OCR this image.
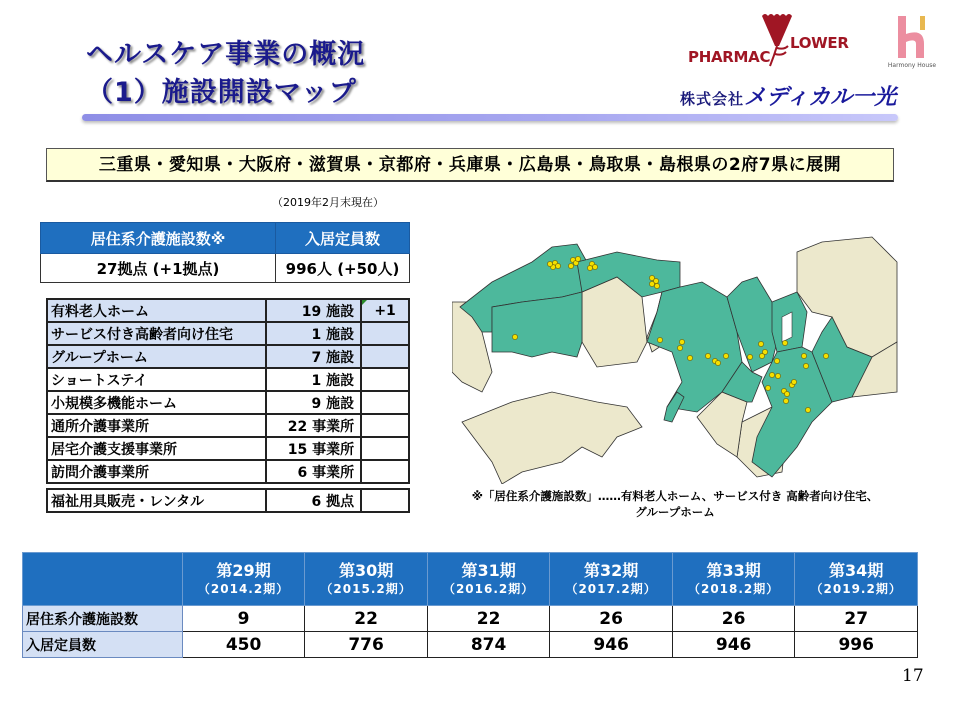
ヘルスケア事業の概況
（1）施設開設マップ
PHARMAC
LOWER
Harmony House
株式会社メディカル一光
三重県・愛知県・大阪府・滋賀県・京都府・兵庫県・広島県・鳥取県・島根県の2府7県に展開
（2019年2月末現在）
居住系介護施設数※	入居定員数
27拠点 (+1拠点)	996人 (+50人)
有料老人ホーム	19 施設	+1
サービス付き高齢者向け住宅	1 施設	
グループホーム	7 施設	
ショートステイ	1 施設	
小規模多機能ホーム	9 施設	
通所介護事業所	22 事業所	
居宅介護支援事業所	15 事業所	
訪問介護事業所	6 事業所	

福祉用具販売・レンタル	6 拠点		※「居住系介護施設数」……有料老人ホーム、サービス付き 高齢者向け住宅、
グループホーム

	第29期
（2014.2期）	第30期
（2015.2期）	第31期
（2016.2期）	第32期
（2017.2期）	第33期
（2018.2期）	第34期
（2019.2期）

居住系介護施設数	9	22	22	26	26	27
入居定員数	450	776	874	946	946	996
17
